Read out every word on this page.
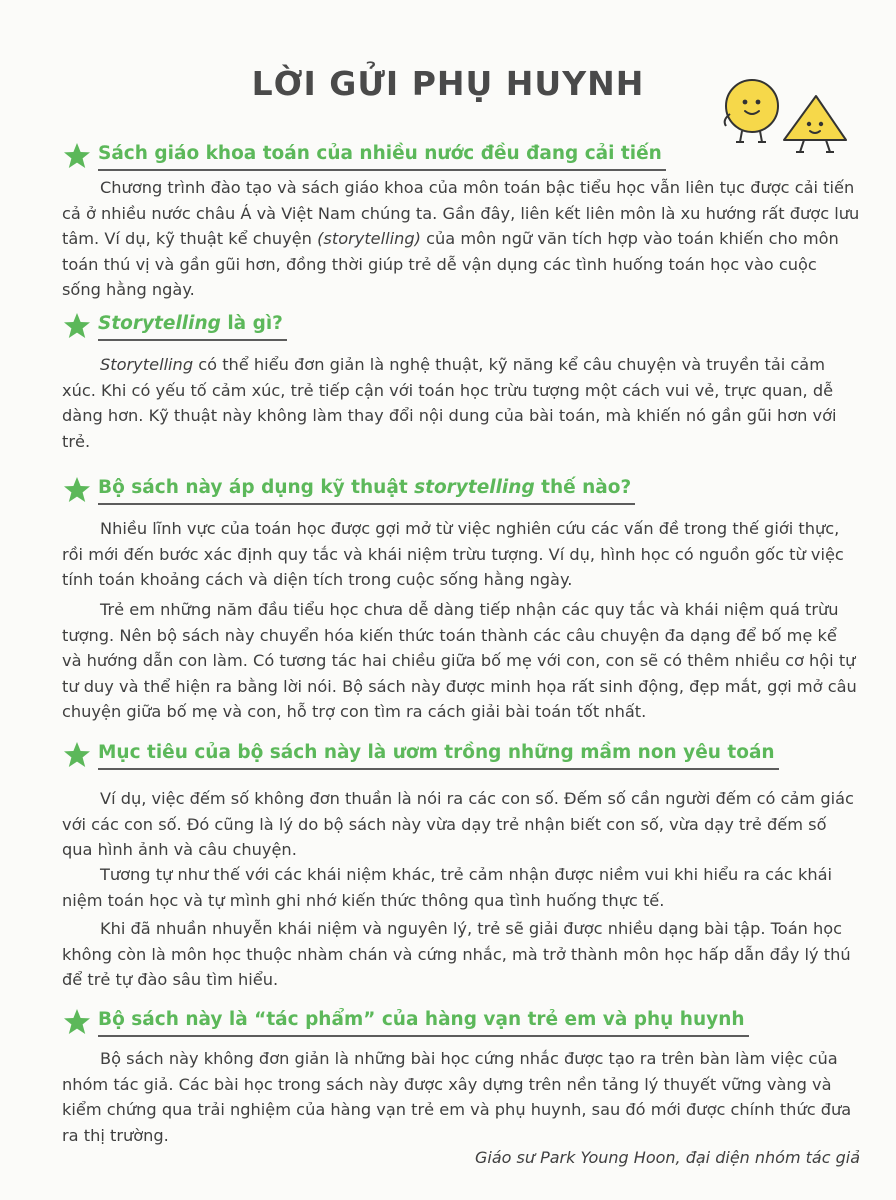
LỜI GỬI PHỤ HUYNH
Sách giáo khoa toán của nhiều nước đều đang cải tiến

Chương trình đào tạo và sách giáo khoa của môn toán bậc tiểu học vẫn liên tục được cải tiến cả ở nhiều nước châu Á và Việt Nam chúng ta. Gần đây, liên kết liên môn là xu hướng rất được lưu tâm. Ví dụ, kỹ thuật kể chuyện (storytelling) của môn ngữ văn tích hợp vào toán khiến cho môn toán thú vị và gần gũi hơn, đồng thời giúp trẻ dễ vận dụng các tình huống toán học vào cuộc sống hằng ngày.

Storytelling là gì?

Storytelling có thể hiểu đơn giản là nghệ thuật, kỹ năng kể câu chuyện và truyền tải cảm xúc. Khi có yếu tố cảm xúc, trẻ tiếp cận với toán học trừu tượng một cách vui vẻ, trực quan, dễ dàng hơn. Kỹ thuật này không làm thay đổi nội dung của bài toán, mà khiến nó gần gũi hơn với trẻ.

Bộ sách này áp dụng kỹ thuật storytelling thế nào?

Nhiều lĩnh vực của toán học được gợi mở từ việc nghiên cứu các vấn đề trong thế giới thực, rồi mới đến bước xác định quy tắc và khái niệm trừu tượng. Ví dụ, hình học có nguồn gốc từ việc tính toán khoảng cách và diện tích trong cuộc sống hằng ngày.

Trẻ em những năm đầu tiểu học chưa dễ dàng tiếp nhận các quy tắc và khái niệm quá trừu tượng. Nên bộ sách này chuyển hóa kiến thức toán thành các câu chuyện đa dạng để bố mẹ kể và hướng dẫn con làm. Có tương tác hai chiều giữa bố mẹ với con, con sẽ có thêm nhiều cơ hội tự tư duy và thể hiện ra bằng lời nói. Bộ sách này được minh họa rất sinh động, đẹp mắt, gợi mở câu chuyện giữa bố mẹ và con, hỗ trợ con tìm ra cách giải bài toán tốt nhất.

Mục tiêu của bộ sách này là ươm trồng những mầm non yêu toán

Ví dụ, việc đếm số không đơn thuần là nói ra các con số. Đếm số cần người đếm có cảm giác với các con số. Đó cũng là lý do bộ sách này vừa dạy trẻ nhận biết con số, vừa dạy trẻ đếm số qua hình ảnh và câu chuyện.

Tương tự như thế với các khái niệm khác, trẻ cảm nhận được niềm vui khi hiểu ra các khái niệm toán học và tự mình ghi nhớ kiến thức thông qua tình huống thực tế.

Khi đã nhuần nhuyễn khái niệm và nguyên lý, trẻ sẽ giải được nhiều dạng bài tập. Toán học không còn là môn học thuộc nhàm chán và cứng nhắc, mà trở thành môn học hấp dẫn đầy lý thú để trẻ tự đào sâu tìm hiểu.

Bộ sách này là “tác phẩm” của hàng vạn trẻ em và phụ huynh

Bộ sách này không đơn giản là những bài học cứng nhắc được tạo ra trên bàn làm việc của nhóm tác giả. Các bài học trong sách này được xây dựng trên nền tảng lý thuyết vững vàng và kiểm chứng qua trải nghiệm của hàng vạn trẻ em và phụ huynh, sau đó mới được chính thức đưa ra thị trường.

Giáo sư Park Young Hoon, đại diện nhóm tác giả
